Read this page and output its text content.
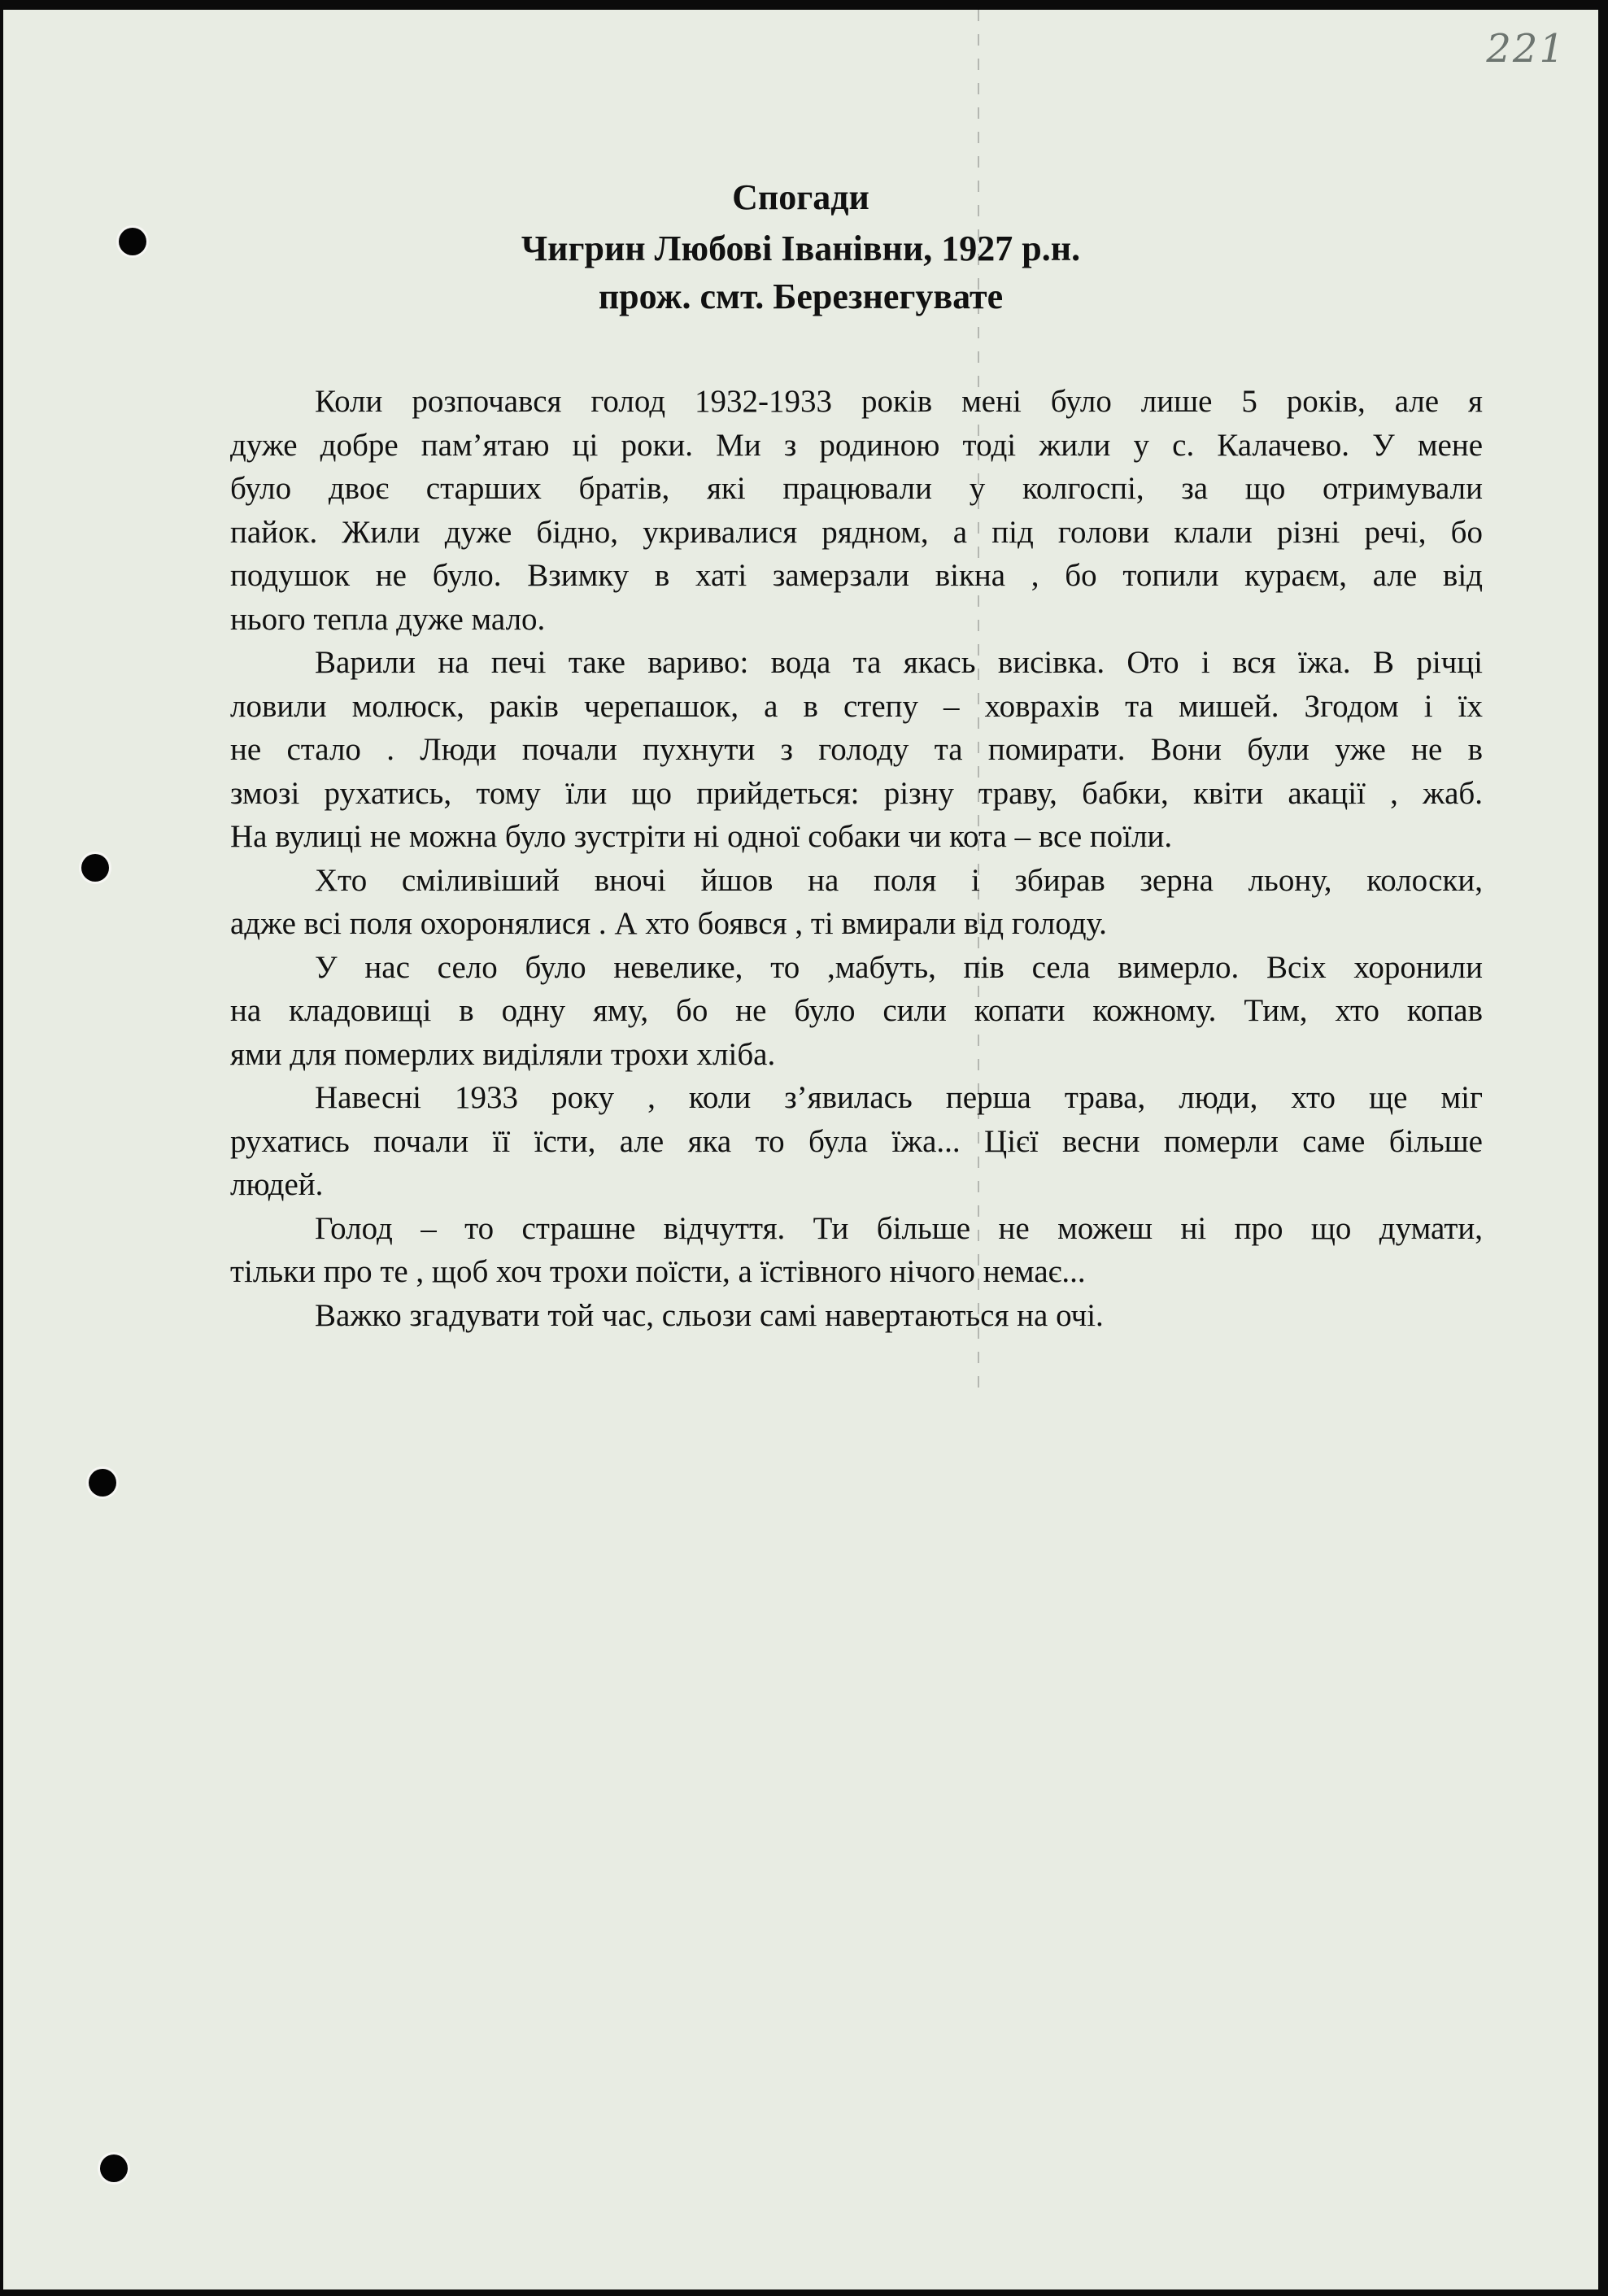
221
Спогади
Чигрин Любові Іванівни, 1927 р.н.
прож. смт. Березнегувате
Коли розпочався голод 1932-1933 років мені було лише 5 років, але я
дуже добре пам’ятаю ці роки. Ми з родиною тоді жили у с. Калачево. У мене
було двоє старших братів, які працювали у колгоспі, за що отримували
пайок. Жили дуже бідно, укривалися рядном, а під голови клали різні речі, бо
подушок не було. Взимку в хаті замерзали вікна , бо топили кураєм, але від
нього тепла дуже мало.
Варили на печі таке вариво: вода та якась висівка. Ото і вся їжа. В річці
ловили молюск, раків черепашок, а в степу – ховрахів та мишей. Згодом і їх
не стало . Люди почали пухнути з голоду та помирати. Вони були уже не в
змозі рухатись, тому їли що прийдеться: різну траву, бабки, квіти акації , жаб.
На вулиці не можна було зустріти ні одної собаки чи кота – все поїли.
Хто сміливіший вночі йшов на поля і збирав зерна льону, колоски,
адже всі поля охоронялися . А хто боявся , ті вмирали від голоду.
У нас село було невелике, то ,мабуть, пів села вимерло. Всіх хоронили
на кладовищі в одну яму, бо не було сили копати кожному. Тим, хто копав
ями для померлих виділяли трохи хліба.
Навесні 1933 року , коли з’явилась перша трава, люди, хто ще міг
рухатись почали її їсти, але яка то була їжа... Цієї весни померли саме більше
людей.
Голод – то страшне відчуття. Ти більше не можеш ні про що думати,
тільки про те , щоб хоч трохи поїсти, а їстівного нічого немає...
Важко згадувати той час, сльози самі навертаються на очі.
